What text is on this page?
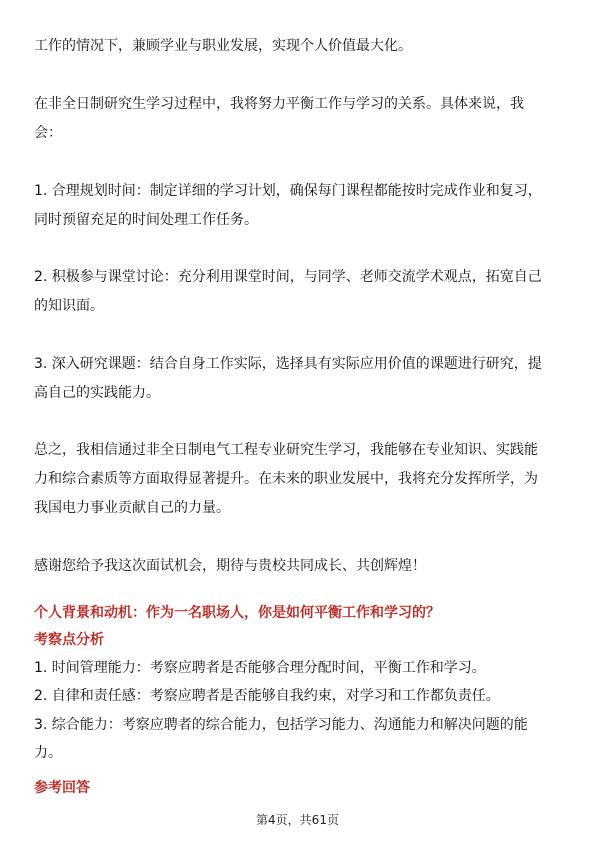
工作的情况下，兼顾学业与职业发展，实现个人价值最大化。
在非全日制研究生学习过程中，我将努力平衡工作与学习的关系。具体来说，我
会：
1. 合理规划时间：制定详细的学习计划，确保每门课程都能按时完成作业和复习，
同时预留充足的时间处理工作任务。
2. 积极参与课堂讨论：充分利用课堂时间，与同学、老师交流学术观点，拓宽自己
的知识面。
3. 深入研究课题：结合自身工作实际，选择具有实际应用价值的课题进行研究，提
高自己的实践能力。
总之，我相信通过非全日制电气工程专业研究生学习，我能够在专业知识、实践能
力和综合素质等方面取得显著提升。在未来的职业发展中，我将充分发挥所学，为
我国电力事业贡献自己的力量。
感谢您给予我这次面试机会，期待与贵校共同成长、共创辉煌！
个人背景和动机：作为一名职场人，你是如何平衡工作和学习的？
考察点分析
1. 时间管理能力：考察应聘者是否能够合理分配时间，平衡工作和学习。
2. 自律和责任感：考察应聘者是否能够自我约束，对学习和工作都负责任。
3. 综合能力：考察应聘者的综合能力，包括学习能力、沟通能力和解决问题的能
力。
参考回答
第4页，共61页
